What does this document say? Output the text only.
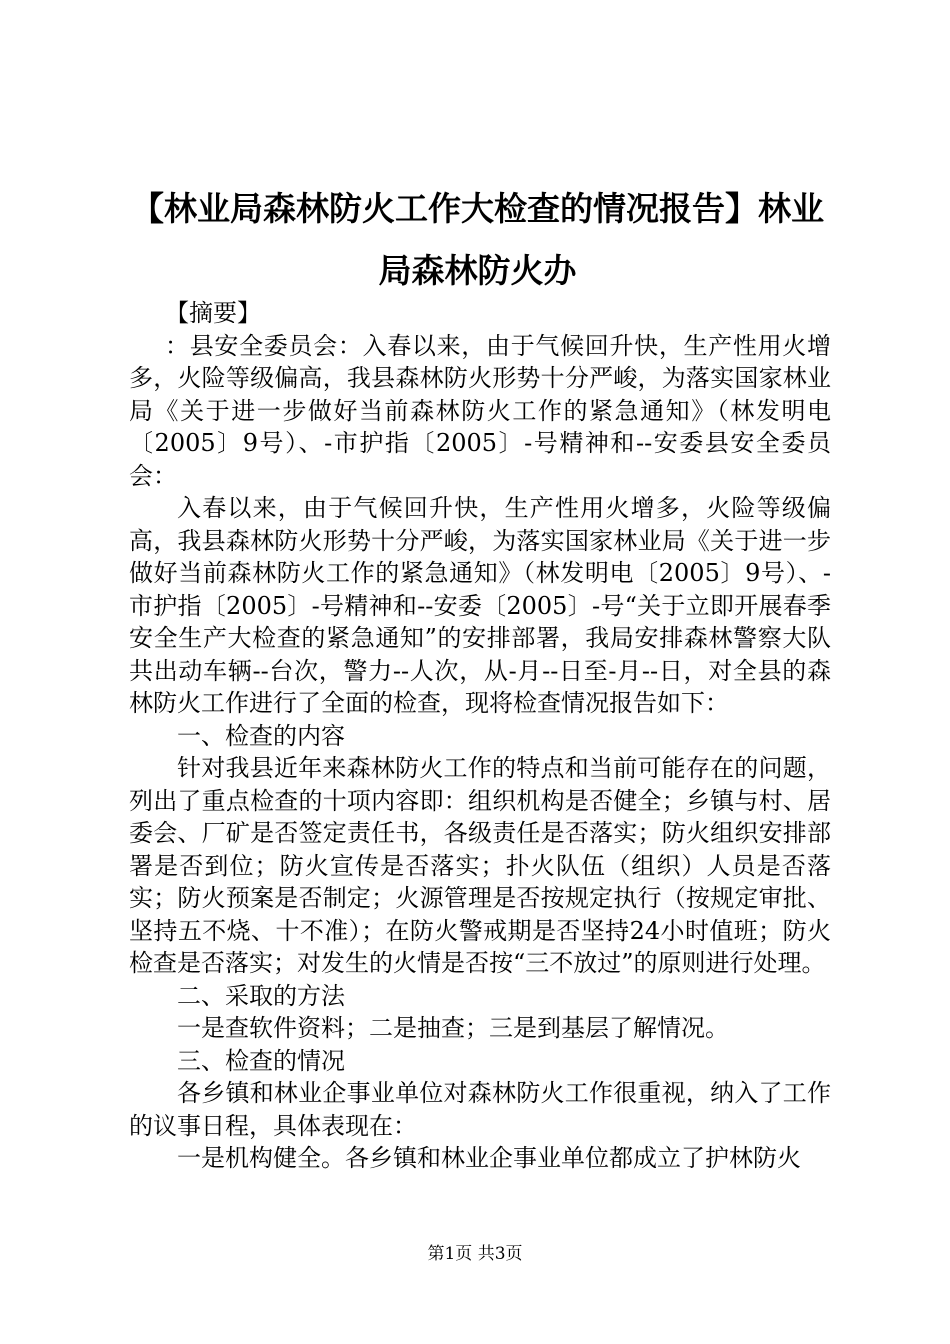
【林业局森林防火工作大检查的情况报告】林业局森林防火办

【摘要】

：县安全委员会：入春以来，由于气候回升快，生产性用火增多，火险等级偏高，我县森林防火形势十分严峻，为落实国家林业局《关于进一步做好当前森林防火工作的紧急通知》（林发明电〔2005〕9号）、-市护指〔2005〕-号精神和--安委县安全委员会：

入春以来，由于气候回升快，生产性用火增多，火险等级偏高，我县森林防火形势十分严峻，为落实国家林业局《关于进一步做好当前森林防火工作的紧急通知》（林发明电〔2005〕9号）、-市护指〔2005〕-号精神和--安委〔2005〕-号“关于立即开展春季安全生产大检查的紧急通知”的安排部署，我局安排森林警察大队共出动车辆--台次，警力--人次，从-月--日至-月--日，对全县的森林防火工作进行了全面的检查，现将检查情况报告如下：

一、检查的内容

针对我县近年来森林防火工作的特点和当前可能存在的问题，列出了重点检查的十项内容即：组织机构是否健全；乡镇与村、居委会、厂矿是否签定责任书，各级责任是否落实；防火组织安排部署是否到位；防火宣传是否落实；扑火队伍（组织）人员是否落实；防火预案是否制定；火源管理是否按规定执行（按规定审批、坚持五不烧、十不准）；在防火警戒期是否坚持24小时值班；防火检查是否落实；对发生的火情是否按“三不放过”的原则进行处理。

二、采取的方法

一是查软件资料；二是抽查；三是到基层了解情况。

三、检查的情况

各乡镇和林业企事业单位对森林防火工作很重视，纳入了工作的议事日程，具体表现在：

一是机构健全。各乡镇和林业企事业单位都成立了护林防火

第1页 共3页
